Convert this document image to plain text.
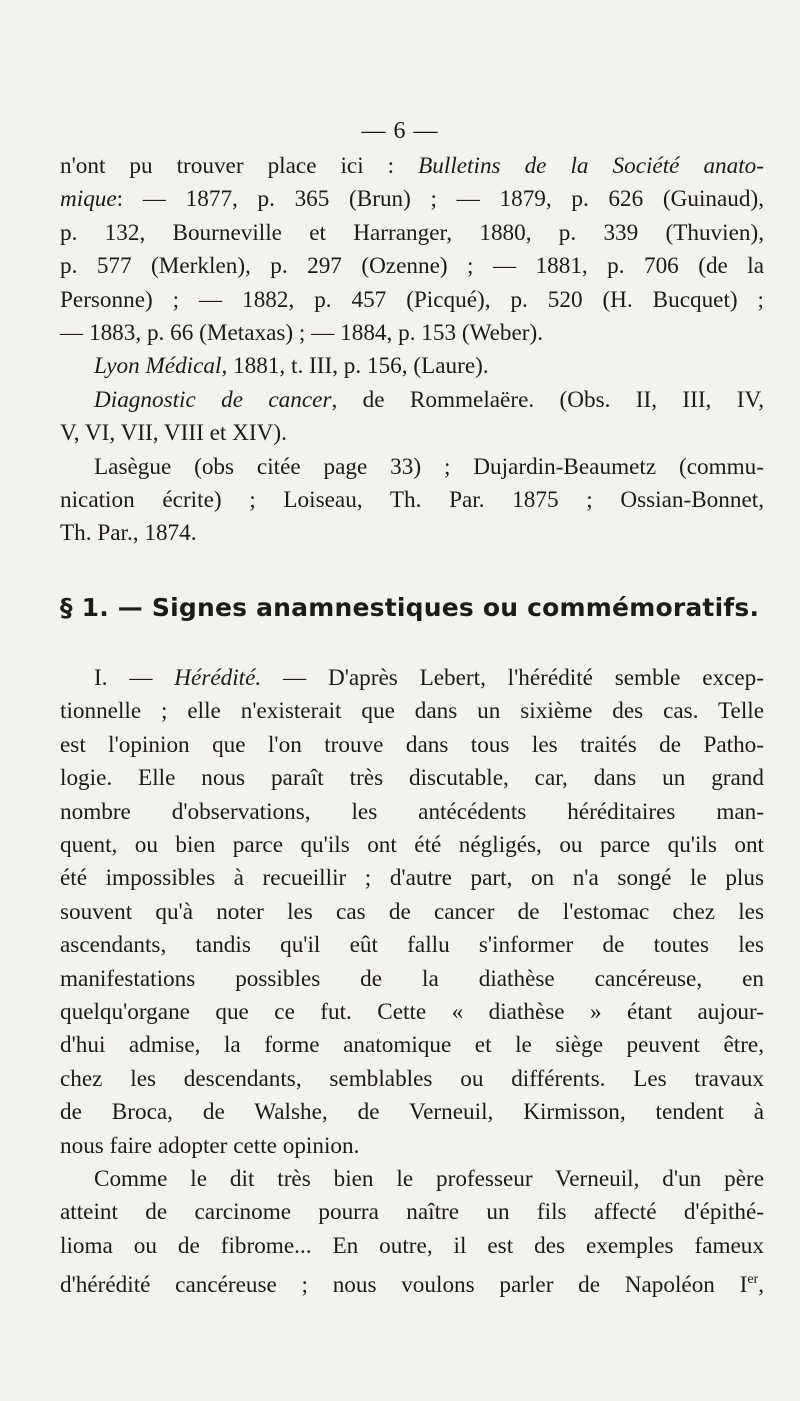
— 6 —
n'ont pu trouver place ici : Bulletins de la Société anato-
mique: — 1877, p. 365 (Brun) ; — 1879, p. 626 (Guinaud),
p. 132, Bourneville et Harranger, 1880, p. 339 (Thuvien),
p. 577 (Merklen), p. 297 (Ozenne) ; — 1881, p. 706 (de la
Personne) ; — 1882, p. 457 (Picqué), p. 520 (H. Bucquet) ;
— 1883, p. 66 (Metaxas) ; — 1884, p. 153 (Weber).
Lyon Médical, 1881, t. III, p. 156, (Laure).
Diagnostic de cancer, de Rommelaëre. (Obs. II, III, IV,
V, VI, VII, VIII et XIV).
Lasègue (obs citée page 33) ; Dujardin-Beaumetz (commu-
nication écrite) ; Loiseau, Th. Par. 1875 ; Ossian-Bonnet,
Th. Par., 1874.
§ 1. — Signes anamnestiques ou commémoratifs.
I. — Hérédité. — D'après Lebert, l'hérédité semble excep-
tionnelle ; elle n'existerait que dans un sixième des cas. Telle
est l'opinion que l'on trouve dans tous les traités de Patho-
logie. Elle nous paraît très discutable, car, dans un grand
nombre d'observations, les antécédents héréditaires man-
quent, ou bien parce qu'ils ont été négligés, ou parce qu'ils ont
été impossibles à recueillir ; d'autre part, on n'a songé le plus
souvent qu'à noter les cas de cancer de l'estomac chez les
ascendants, tandis qu'il eût fallu s'informer de toutes les
manifestations possibles de la diathèse cancéreuse, en
quelqu'organe que ce fut. Cette « diathèse » étant aujour-
d'hui admise, la forme anatomique et le siège peuvent être,
chez les descendants, semblables ou différents. Les travaux
de Broca, de Walshe, de Verneuil, Kirmisson, tendent à
nous faire adopter cette opinion.
Comme le dit très bien le professeur Verneuil, d'un père
atteint de carcinome pourra naître un fils affecté d'épithé-
lioma ou de fibrome... En outre, il est des exemples fameux
d'hérédité cancéreuse ; nous voulons parler de Napoléon Ier,
